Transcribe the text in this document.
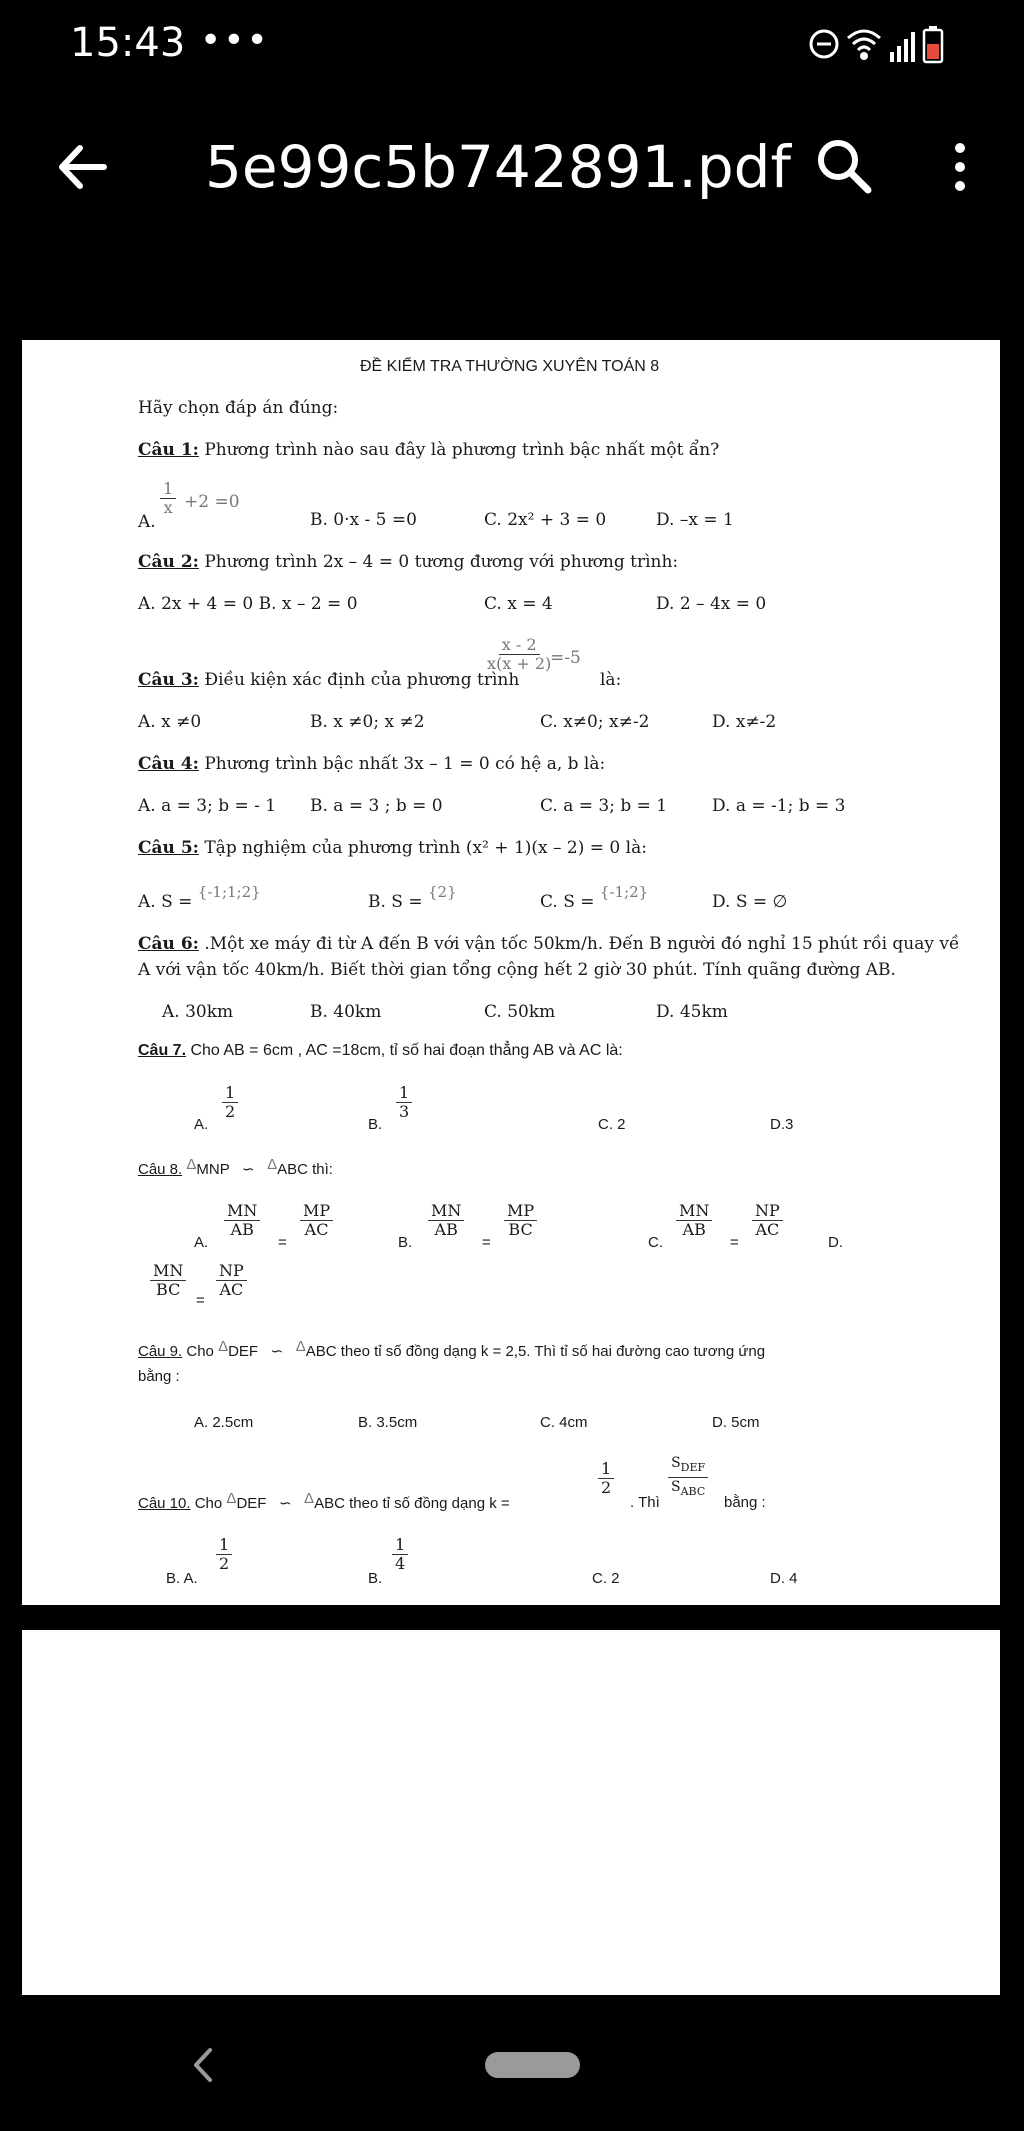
15:43 •••
5e99c5b742891.pdf
ĐỀ KIỂM TRA THƯỜNG XUYÊN TOÁN 8
Hãy chọn đáp án đúng:
Câu 1: Phương trình nào sau đây là phương trình bậc nhất một ẩn?
A.
1
x +2 =0
B. 0·x - 5 =0	C. 2x² + 3 = 0	D. –x = 1
Câu 2: Phương trình 2x – 4 = 0 tương đương với phương trình:
A. 2x + 4 = 0 B. x – 2 = 0	C. x = 4	D. 2 – 4x = 0
Câu 3: Điều kiện xác định của phương trình
x - 2
x(x + 2)
=-5
là:
A. x ≠0	B. x ≠0; x ≠2	C. x≠0; x≠-2	D. x≠-2
Câu 4: Phương trình bậc nhất 3x – 1 = 0 có hệ a, b là:
A. a = 3; b = - 1 B. a = 3 ; b = 0	C. a = 3; b = 1	D. a = -1; b = 3
Câu 5: Tập nghiệm của phương trình (x² + 1)(x – 2) = 0 là:
A. S = {-1;1;2}	B. S = {2}	C. S = {-1;2}	D. S = ∅
Câu 6: .Một xe máy đi từ A đến B với vận tốc 50km/h. Đến B người đó nghỉ 15 phút rồi quay về
A với vận tốc 40km/h. Biết thời gian tổng cộng hết 2 giờ 30 phút. Tính quãng đường AB.
A. 30km	B. 40km	C. 50km	D. 45km
Câu 7. Cho AB = 6cm , AC =18cm, tỉ số hai đoạn thẳng AB và AC là:
A.
1
2
B.
1
3
C. 2	D.3
Câu 8. ΔMNP ∽ ΔABC thì:
A.
MN
AB
=
MP
AC
B.
MN
AB
=
MP
BC
C.
MN
AB
=
NP
AC
D.
MN
BC
=
NP
AC
Câu 9. Cho ΔDEF ∽ ΔABC theo tỉ số đồng dạng k = 2,5. Thì tỉ số hai đường cao tương ứng
bằng :
A. 2.5cm	B. 3.5cm	C. 4cm	D. 5cm
Câu 10. Cho ΔDEF ∽ ΔABC theo tỉ số đồng dạng k =
1
2
. Thì
$S_{DEF}$
$S_{ABC}$
bằng :
B. A.
1
2
B.
1
4
C. 2	D. 4
